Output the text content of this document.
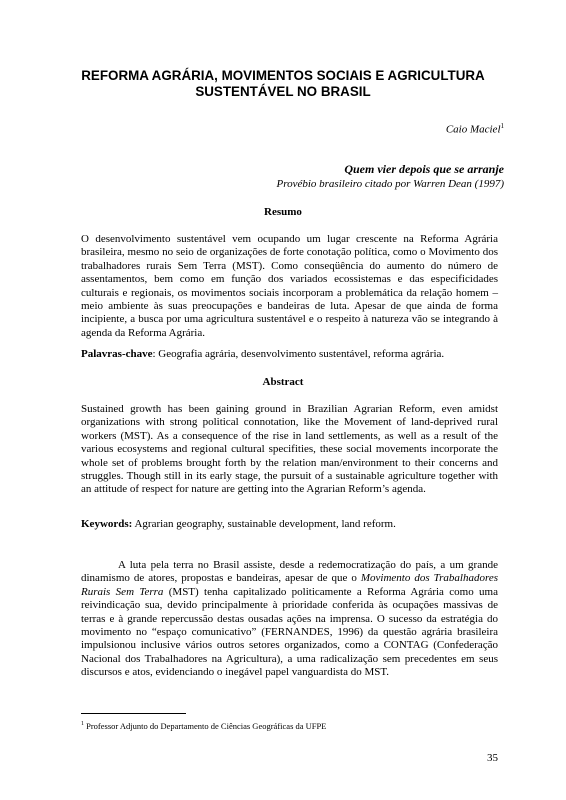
REFORMA AGRÁRIA, MOVIMENTOS SOCIAIS E AGRICULTURA
SUSTENTÁVEL NO BRASIL
Caio Maciel$^1$
Quem vier depois que se arranje
Provébio brasileiro citado por Warren Dean (1997)
Resumo

O desenvolvimento sustentável vem ocupando um lugar crescente na Reforma Agrária brasileira, mesmo no seio de organizações de forte conotação política, como o Movimento dos trabalhadores rurais Sem Terra (MST). Como conseqüência do aumento do número de assentamentos, bem como em função dos variados ecossistemas e das especificidades culturais e regionais, os movimentos sociais incorporam a problemática da relação homem – meio ambiente às suas preocupações e bandeiras de luta. Apesar de que ainda de forma incipiente, a busca por uma agricultura sustentável e o respeito à natureza vão se integrando à agenda da Reforma Agrária.

Palavras-chave: Geografia agrária, desenvolvimento sustentável, reforma agrária.

Abstract

Sustained growth has been gaining ground in Brazilian Agrarian Reform, even amidst organizations with strong political connotation, like the Movement of land-deprived rural workers (MST). As a consequence of the rise in land settlements, as well as a result of the various ecosystems and regional cultural specifities, these social movements incorporate the whole set of problems brought forth by the relation man/environment to their concerns and struggles. Though still in its early stage, the pursuit of a sustainable agriculture together with an attitude of respect for nature are getting into the Agrarian Reform’s agenda.

Keywords: Agrarian geography, sustainable development, land reform.

A luta pela terra no Brasil assiste, desde a redemocratização do país, a um grande dinamismo de atores, propostas e bandeiras, apesar de que o Movimento dos Trabalhadores Rurais Sem Terra (MST) tenha capitalizado politicamente a Reforma Agrária como uma reivindicação sua, devido principalmente à prioridade conferida às ocupações massivas de terras e à grande repercussão destas ousadas ações na imprensa. O sucesso da estratégia do movimento no “espaço comunicativo” (FERNANDES, 1996) da questão agrária brasileira impulsionou inclusive vários outros setores organizados, como a CONTAG (Confederação Nacional dos Trabalhadores na Agricultura), a uma radicalização sem precedentes em seus discursos e atos, evidenciando o inegável papel vanguardista do MST.

$^1$ Professor Adjunto do Departamento de Ciências Geográficas da UFPE
35
